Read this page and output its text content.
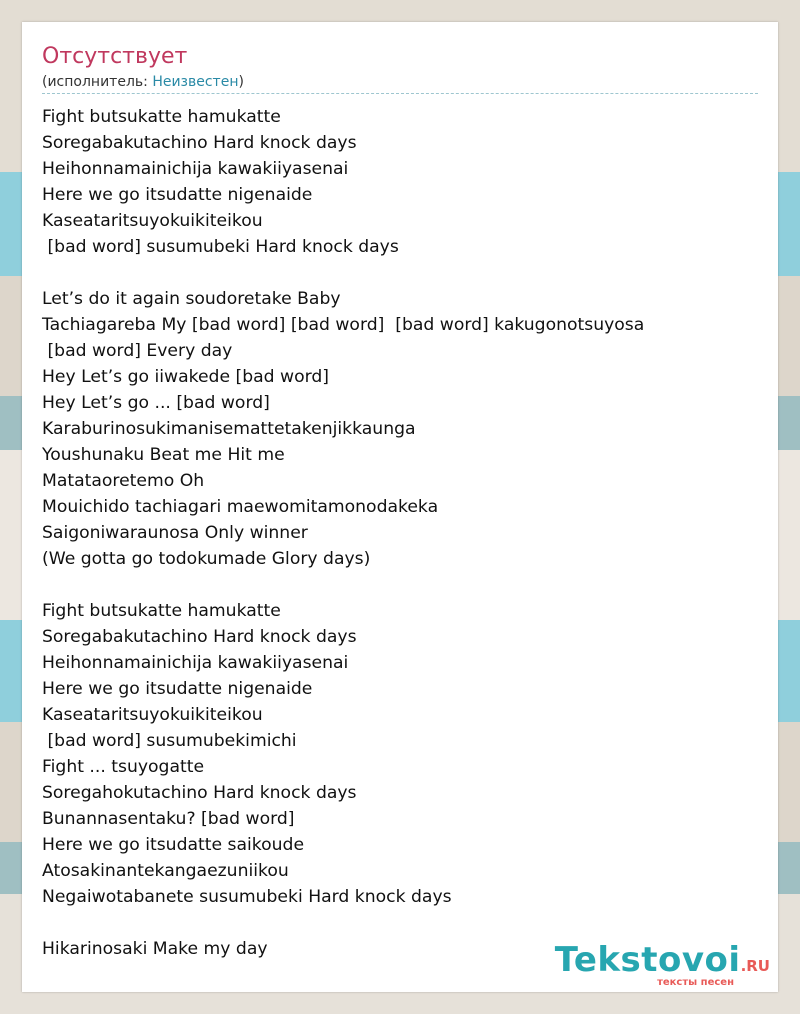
Отсутствует
(исполнитель: Неизвестен)
Fight butsukatte hamukatte
Soregabakutachino Hard knock days
Heihonnamainichija kawakiiyasenai
Here we go itsudatte nigenaide
Kaseataritsuyokuikiteikou
[bad word] susumubeki Hard knock days

Let’s do it again soudoretake Baby
Tachiagareba My [bad word] [bad word]  [bad word] kakugonotsuyosa
[bad word] Every day
Hey Let’s go iiwakede [bad word]
Hey Let’s go ... [bad word]
Karaburinosukimanisemattetakenjikkaunga
Youshunaku Beat me Hit me
Matataoretemo Oh
Mouichido tachiagari maewomitamonodakeka
Saigoniwaraunosa Only winner
(We gotta go todokumade Glory days)

Fight butsukatte hamukatte
Soregabakutachino Hard knock days
Heihonnamainichija kawakiiyasenai
Here we go itsudatte nigenaide
Kaseataritsuyokuikiteikou
[bad word] susumubekimichi
Fight ... tsuyogatte
Soregahokutachino Hard knock days
Bunannasentaku? [bad word]
Here we go itsudatte saikoude
Atosakinantekangaezuniikou
Negaiwotabanete susumubeki Hard knock days

Hikarinosaki Make my day	Tekstovoi.RU
тексты песен
